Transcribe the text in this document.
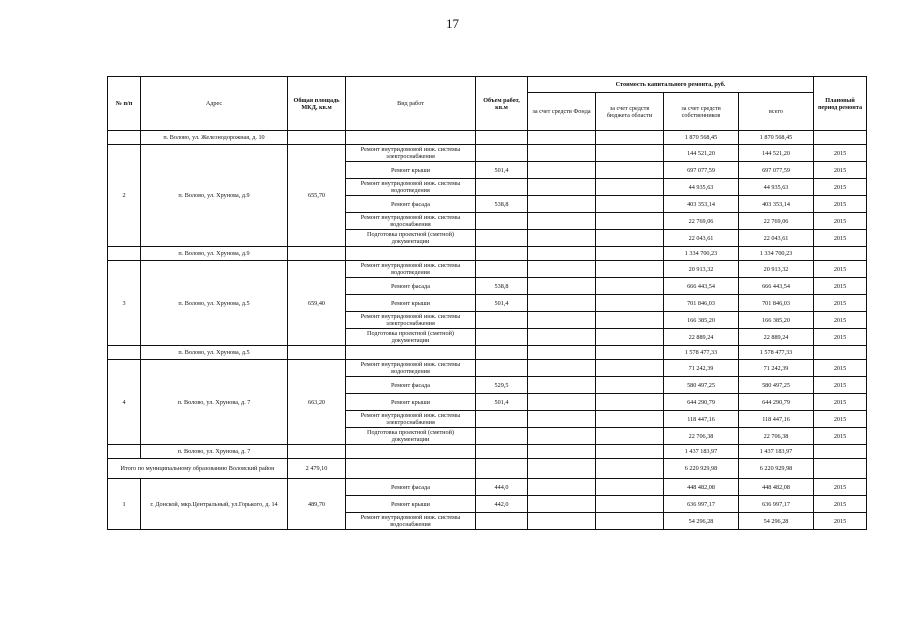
17
№ п/п	Адрес	Общая площадь МКД, кв.м	Вид работ	Объем работ, кв.м	Стоимость капитального ремонта, руб.				Плановый период ремонта
					за счет средств Фонда	за счет средств бюджета области	за счет средств собственников	всего	
	п. Волово, ул. Железнодорожная, д. 10						1 870 568,45	1 870 568,45	
2	п. Волово, ул. Хрунова, д.9	655,70	Ремонт внутридомовой инж. системы электроснабжения				144 521,20	144 521,20	2015
			Ремонт крыши	501,4			697 077,59	697 077,59	2015
			Ремонт внутридомовой инж. системы водоотведения				44 935,63	44 935,63	2015
			Ремонт фасада	538,8			403 353,14	403 353,14	2015
			Ремонт внутридомовой инж. системы водоснабжения				22 769,06	22 769,06	2015
			Подготовка проектной (сметной) документации				22 043,61	22 043,61	2015
	п. Волово, ул. Хрунова, д.9						1 334 700,23	1 334 700,23	
3	п. Волово, ул. Хрунова, д.5	659,40	Ремонт внутридомовой инж. системы водоотведения				20 913,32	20 913,32	2015
			Ремонт фасада	538,8			666 443,54	666 443,54	2015
			Ремонт крыши	501,4			701 846,03	701 846,03	2015
			Ремонт внутридомовой инж. системы электроснабжения				166 385,20	166 385,20	2015
			Подготовка проектной (сметной) документации				22 889,24	22 889,24	2015
	п. Волово, ул. Хрунова, д.5						1 578 477,33	1 578 477,33	
4	п. Волово, ул. Хрунова, д. 7	663,20	Ремонт внутридомовой инж. системы водоотведения				71 242,39	71 242,39	2015
			Ремонт фасада	529,5			580 497,25	580 497,25	2015
			Ремонт крыши	501,4			644 290,79	644 290,79	2015
			Ремонт внутридомовой инж. системы электроснабжения				118 447,16	118 447,16	2015
			Подготовка проектной (сметной) документации				22 706,38	22 706,38	2015
	п. Волово, ул. Хрунова, д. 7						1 437 183,97	1 437 183,97	
Итого по муниципальному образованию Воловский район		2 479,10					6 220 929,98	6 220 929,98	
1	г. Донской, мкр.Центральный, ул.Горького, д. 14	489,70	Ремонт фасада	444,0			448 482,08	448 482,08	2015
			Ремонт крыши	442,0			636 997,17	636 997,17	2015
			Ремонт внутридомовой инж. системы водоснабжения				54 296,28	54 296,28	2015
